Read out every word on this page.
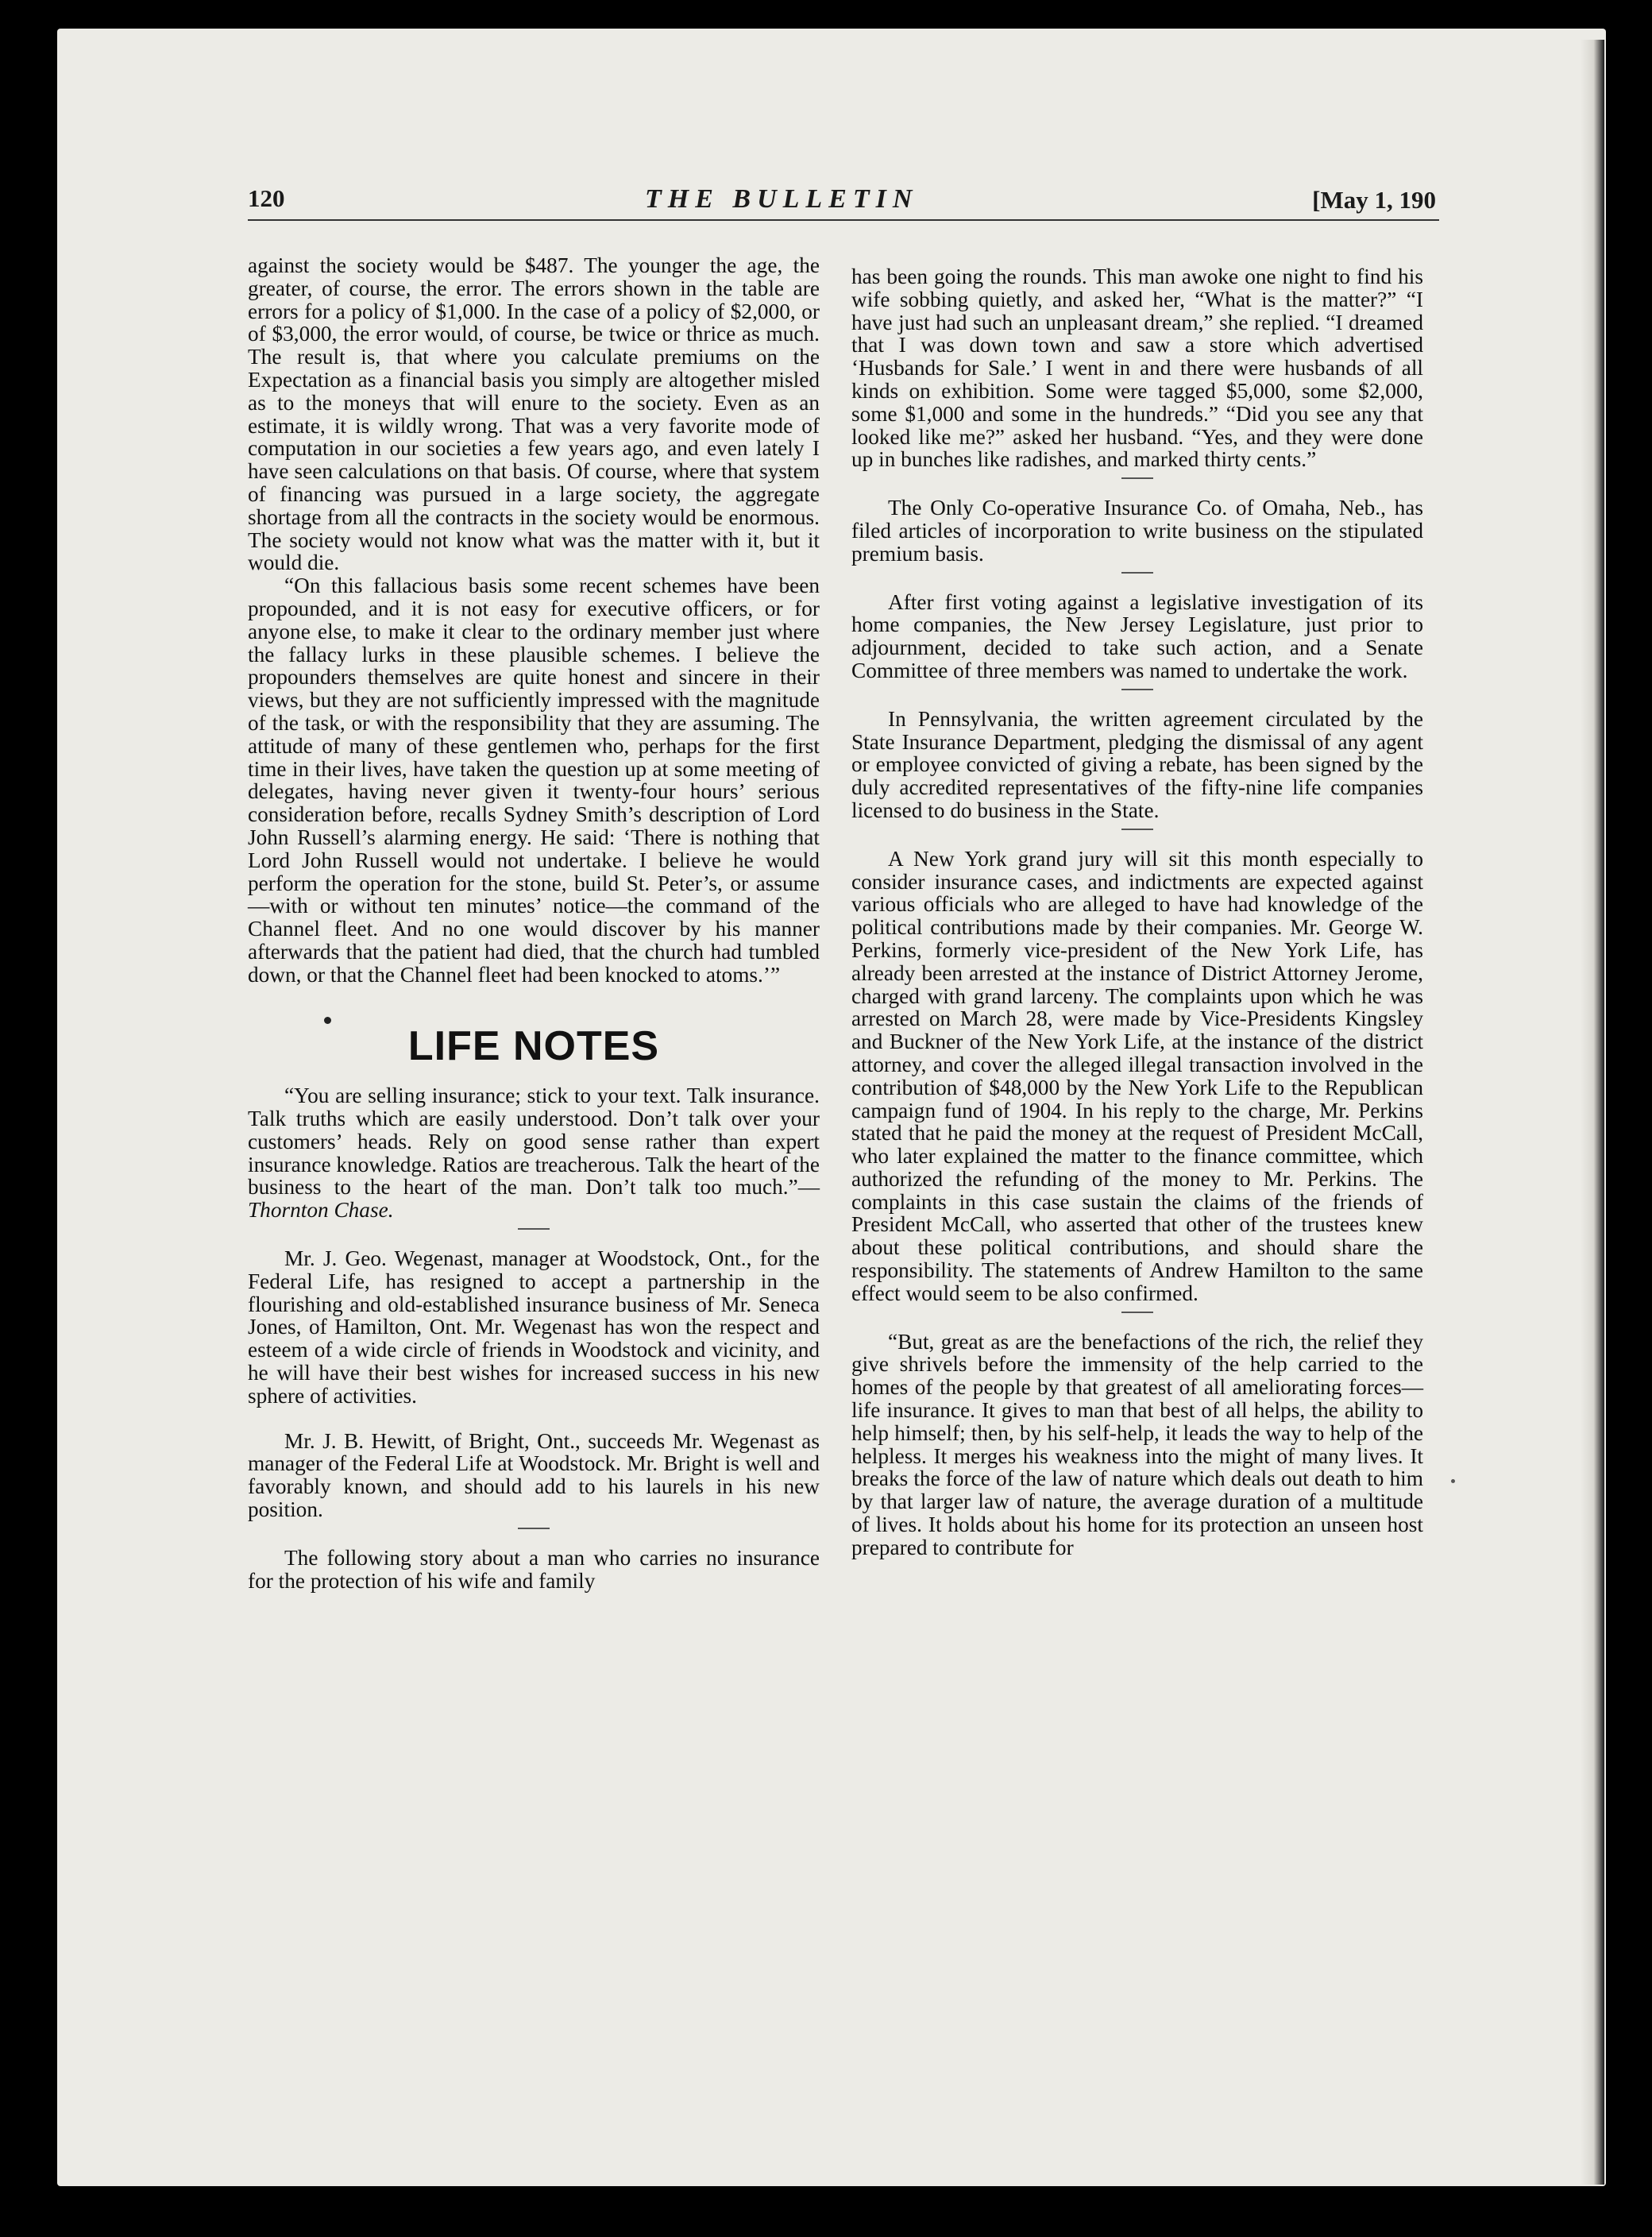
120	THE BULLETIN	[May 1, 190

against the society would be $487. The younger the age, the greater, of course, the error. The errors shown in the table are errors for a policy of $1,000. In the case of a policy of $2,000, or of $3,000, the error would, of course, be twice or thrice as much. The result is, that where you calculate premiums on the Expectation as a financial basis you simply are altogether misled as to the moneys that will enure to the society. Even as an estimate, it is wildly wrong. That was a very favorite mode of computation in our societies a few years ago, and even lately I have seen calculations on that basis. Of course, where that system of financing was pursued in a large society, the aggregate shortage from all the contracts in the society would be enormous. The society would not know what was the matter with it, but it would die.

“On this fallacious basis some recent schemes have been propounded, and it is not easy for executive officers, or for anyone else, to make it clear to the ordinary member just where the fallacy lurks in these plausible schemes. I believe the propounders themselves are quite honest and sincere in their views, but they are not sufficiently impressed with the magnitude of the task, or with the responsibility that they are assuming. The attitude of many of these gentlemen who, perhaps for the first time in their lives, have taken the question up at some meeting of delegates, having never given it twenty-four hours’ serious consideration before, recalls Sydney Smith’s description of Lord John Russell’s alarming energy. He said: ‘There is nothing that Lord John Russell would not undertake. I believe he would perform the operation for the stone, build St. Peter’s, or assume—with or without ten minutes’ notice—the command of the Channel fleet. And no one would discover by his manner afterwards that the patient had died, that the church had tumbled down, or that the Channel fleet had been knocked to atoms.’”

LIFE NOTES

“You are selling insurance; stick to your text. Talk insurance. Talk truths which are easily understood. Don’t talk over your customers’ heads. Rely on good sense rather than expert insurance knowledge. Ratios are treacherous. Talk the heart of the business to the heart of the man. Don’t talk too much.”—Thornton Chase.

Mr. J. Geo. Wegenast, manager at Woodstock, Ont., for the Federal Life, has resigned to accept a partnership in the flourishing and old-established insurance business of Mr. Seneca Jones, of Hamilton, Ont. Mr. Wegenast has won the respect and esteem of a wide circle of friends in Woodstock and vicinity, and he will have their best wishes for increased success in his new sphere of activities.

Mr. J. B. Hewitt, of Bright, Ont., succeeds Mr. Wegenast as manager of the Federal Life at Woodstock. Mr. Bright is well and favorably known, and should add to his laurels in his new position.

The following story about a man who carries no insurance for the protection of his wife and family

has been going the rounds. This man awoke one night to find his wife sobbing quietly, and asked her, “What is the matter?” “I have just had such an unpleasant dream,” she replied. “I dreamed that I was down town and saw a store which advertised ‘Husbands for Sale.’ I went in and there were husbands of all kinds on exhibition. Some were tagged $5,000, some $2,000, some $1,000 and some in the hundreds.” “Did you see any that looked like me?” asked her husband. “Yes, and they were done up in bunches like radishes, and marked thirty cents.”

The Only Co-operative Insurance Co. of Omaha, Neb., has filed articles of incorporation to write business on the stipulated premium basis.

After first voting against a legislative investigation of its home companies, the New Jersey Legislature, just prior to adjournment, decided to take such action, and a Senate Committee of three members was named to undertake the work.

In Pennsylvania, the written agreement circulated by the State Insurance Department, pledging the dismissal of any agent or employee convicted of giving a rebate, has been signed by the duly accredited representatives of the fifty-nine life companies licensed to do business in the State.

A New York grand jury will sit this month especially to consider insurance cases, and indictments are expected against various officials who are alleged to have had knowledge of the political contributions made by their companies. Mr. George W. Perkins, formerly vice-president of the New York Life, has already been arrested at the instance of District Attorney Jerome, charged with grand larceny. The complaints upon which he was arrested on March 28, were made by Vice-Presidents Kingsley and Buckner of the New York Life, at the instance of the district attorney, and cover the alleged illegal transaction involved in the contribution of $48,000 by the New York Life to the Republican campaign fund of 1904. In his reply to the charge, Mr. Perkins stated that he paid the money at the request of President McCall, who later explained the matter to the finance committee, which authorized the refunding of the money to Mr. Perkins. The complaints in this case sustain the claims of the friends of President McCall, who asserted that other of the trustees knew about these political contributions, and should share the responsibility. The statements of Andrew Hamilton to the same effect would seem to be also confirmed.

“But, great as are the benefactions of the rich, the relief they give shrivels before the immensity of the help carried to the homes of the people by that greatest of all ameliorating forces—life insurance. It gives to man that best of all helps, the ability to help himself; then, by his self-help, it leads the way to help of the helpless. It merges his weakness into the might of many lives. It breaks the force of the law of nature which deals out death to him by that larger law of nature, the average duration of a multitude of lives. It holds about his home for its protection an unseen host prepared to contribute for
